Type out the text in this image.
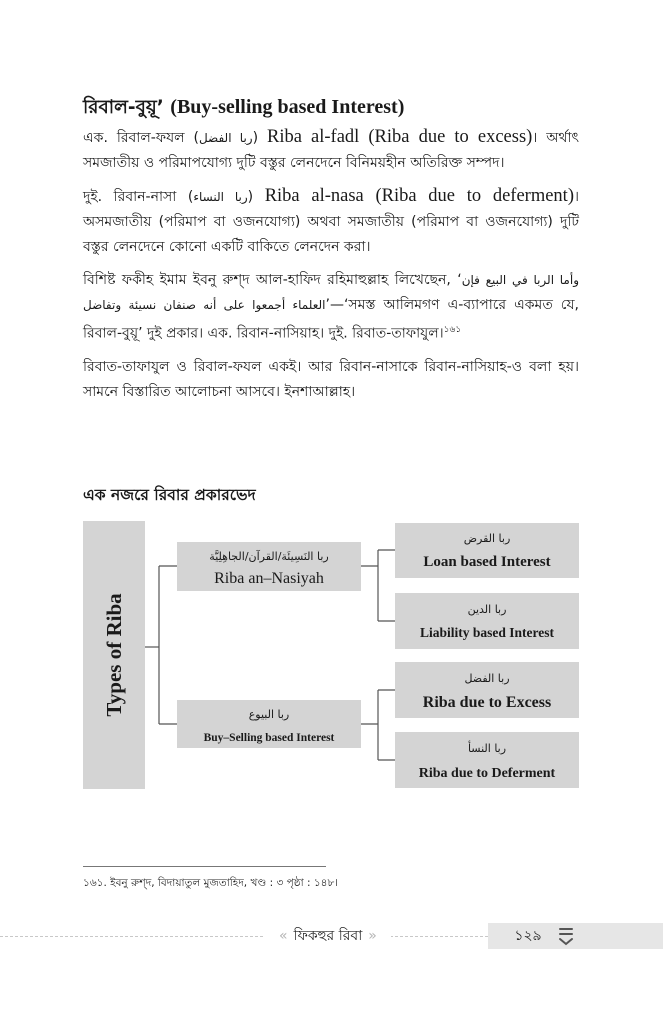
রিবাল-বুয়ূ’ (Buy-selling based Interest)

এক. রিবাল-ফযল (ربا الفضل) Riba al-fadl (Riba due to excess)। অর্থাৎ সমজাতীয় ও পরিমাপযোগ্য দুটি বস্তুর লেনদেনে বিনিময়হীন অতিরিক্ত সম্পদ।

দুই. রিবান-নাসা (ربا النساء) Riba al-nasa (Riba due to deferment)। অসমজাতীয় (পরিমাপ বা ওজনযোগ্য) অথবা সমজাতীয় (পরিমাপ বা ওজনযোগ্য) দুটি বস্তুর লেনদেনে কোনো একটি বাকিতে লেনদেন করা।

বিশিষ্ট ফকীহ ইমাম ইবনু রুশ্‌দ আল-হাফিদ রহিমাহুল্লাহ লিখেছেন, ‘وأما الربا في البيع فإن العلماء أجمعوا على أنه صنفان نسيئة وتفاضل’—‘সমস্ত আলিমগণ এ-ব্যাপারে একমত যে, রিবাল-বুয়ূ’ দুই প্রকার। এক. রিবান-নাসিয়াহ। দুই. রিবাত-তাফাযুল।$^{১৬১}$

রিবাত-তাফাযুল ও রিবাল-ফযল একই। আর রিবান-নাসাকে রিবান-নাসিয়াহ-ও বলা হয়। সামনে বিস্তারিত আলোচনা আসবে। ইনশাআল্লাহ।

এক নজরে রিবার প্রকারভেদ
Types of Riba
ربا النَسِيئَة/القرآن/الجاهِلِيَّة
Riba an–Nasiyah
ربا البيوع
Buy–Selling based Interest
ربا القرض
Loan based Interest
ربا الدين
Liability based Interest
ربا الفضل
Riba due to Excess
ربا النسأ
Riba due to Deferment
১৬১. ইবনু রুশ্‌দ, বিদায়াতুল মুজতাহিদ, খণ্ড : ৩ পৃষ্ঠা : ১৪৮।
« ফিকহুর রিবা »	১২৯
